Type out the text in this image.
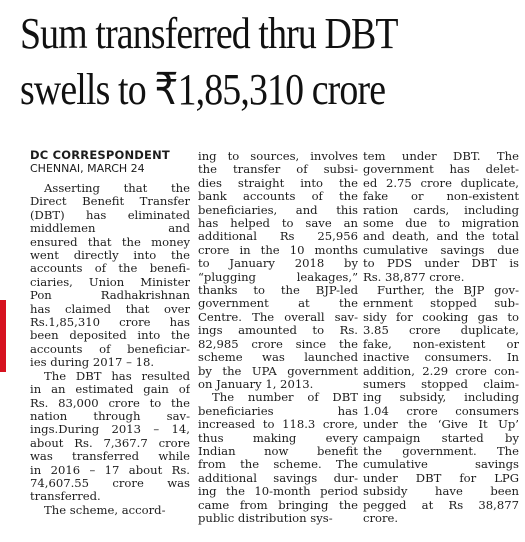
Sum transferred thru DBT
swells to ₹1,85,310 crore
DC CORRESPONDENT
CHENNAI, MARCH 24
Asserting that the
Direct Benefit Transfer
(DBT) has eliminated
middlemen and
ensured that the money
went directly into the
accounts of the benefi-
ciaries, Union Minister
Pon Radhakrishnan
has claimed that over
Rs.1,85,310 crore has
been deposited into the
accounts of beneficiar-
ies during 2017 – 18.
The DBT has resulted
in an estimated gain of
Rs. 83,000 crore to the
nation through sav-
ings.During 2013 – 14,
about Rs. 7,367.7 crore
was transferred while
in 2016 – 17 about Rs.
74,607.55 crore was
transferred.
The scheme, accord-
ing to sources, involves
the transfer of subsi-
dies straight into the
bank accounts of the
beneficiaries, and this
has helped to save an
additional Rs 25,956
crore in the 10 months
to January 2018 by
“plugging leakages,”
thanks to the BJP-led
government at the
Centre. The overall sav-
ings amounted to Rs.
82,985 crore since the
scheme was launched
by the UPA government
on January 1, 2013.
The number of DBT
beneficiaries has
increased to 118.3 crore,
thus making every
Indian now benefit
from the scheme. The
additional savings dur-
ing the 10-month period
came from bringing the
public distribution sys-
tem under DBT. The
government has delet-
ed 2.75 crore duplicate,
fake or non-existent
ration cards, including
some due to migration
and death, and the total
cumulative savings due
to PDS under DBT is
Rs. 38,877 crore.
Further, the BJP gov-
ernment stopped sub-
sidy for cooking gas to
3.85 crore duplicate,
fake, non-existent or
inactive consumers. In
addition, 2.29 crore con-
sumers stopped claim-
ing subsidy, including
1.04 crore consumers
under the ‘Give It Up’
campaign started by
the government. The
cumulative savings
under DBT for LPG
subsidy have been
pegged at Rs 38,877
crore.
